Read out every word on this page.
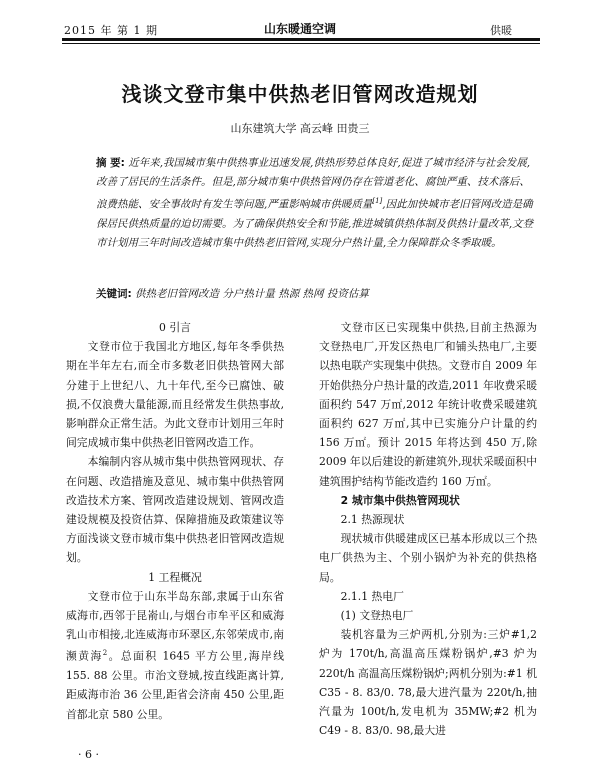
2015 年 第 1 期	山东暖通空调	供暖
浅谈文登市集中供热老旧管网改造规划
山东建筑大学 高云峰 田贵三
摘 要: 近年来,我国城市集中供热事业迅速发展,供热形势总体良好,促进了城市经济与社会发展,改善了居民的生活条件。但是,部分城市集中供热管网仍存在管道老化、腐蚀严重、技术落后、浪费热能、安全事故时有发生等问题,严重影响城市供暖质量[1],因此加快城市老旧管网改造是确保居民供热质量的迫切需要。为了确保供热安全和节能,推进城镇供热体制及供热计量改革,文登市计划用三年时间改造城市集中供热老旧管网,实现分户热计量,全力保障群众冬季取暖。
关键词: 供热老旧管网改造 分户热计量 热源 热网 投资估算
0 引言

文登市位于我国北方地区,每年冬季供热期在半年左右,而全市多数老旧供热管网大部分建于上世纪八、九十年代,至今已腐蚀、破损,不仅浪费大量能源,而且经常发生供热事故,影响群众正常生活。为此文登市计划用三年时间完成城市集中供热老旧管网改造工作。

本编制内容从城市集中供热管网现状、存在问题、改造措施及意见、城市集中供热管网改造技术方案、管网改造建设规划、管网改造建设规模及投资估算、保障措施及政策建议等方面浅谈文登市城市集中供热老旧管网改造规划。

1 工程概况

文登市位于山东半岛东部,隶属于山东省威海市,西邻于昆嵛山,与烟台市牟平区和威海乳山市相接,北连威海市环翠区,东邻荣成市,南濒黄海$^2$。总面积 1645 平方公里,海岸线 155. 88 公里。市治文登城,按直线距离计算,距威海市治 36 公里,距省会济南 450 公里,距首都北京 580 公里。

文登市区已实现集中供热,目前主热源为文登热电厂,开发区热电厂和铺头热电厂,主要以热电联产实现集中供热。文登市自 2009 年开始供热分户热计量的改造,2011 年收费采暖面积约 547 万㎡,2012 年统计收费采暖建筑面积约 627 万㎡,其中已实施分户计量的约 156 万㎡。预计 2015 年将达到 450 万,除 2009 年以后建设的新建筑外,现状采暖面积中建筑围护结构节能改造约 160 万㎡。

2 城市集中供热管网现状
2.1 热源现状

现状城市供暖建成区已基本形成以三个热电厂供热为主、个别小锅炉为补充的供热格局。

2.1.1 热电厂
(1) 文登热电厂

装机容量为三炉两机,分别为:三炉#1,2 炉为 170t/h,高温高压煤粉锅炉,#3 炉为 220t/h 高温高压煤粉锅炉;两机分别为:#1 机 C35 - 8. 83/0. 78,最大进汽量为 220t/h,抽汽量为 100t/h,发电机为 35MW;#2 机为 C49 - 8. 83/0. 98,最大进

· 6 ·
